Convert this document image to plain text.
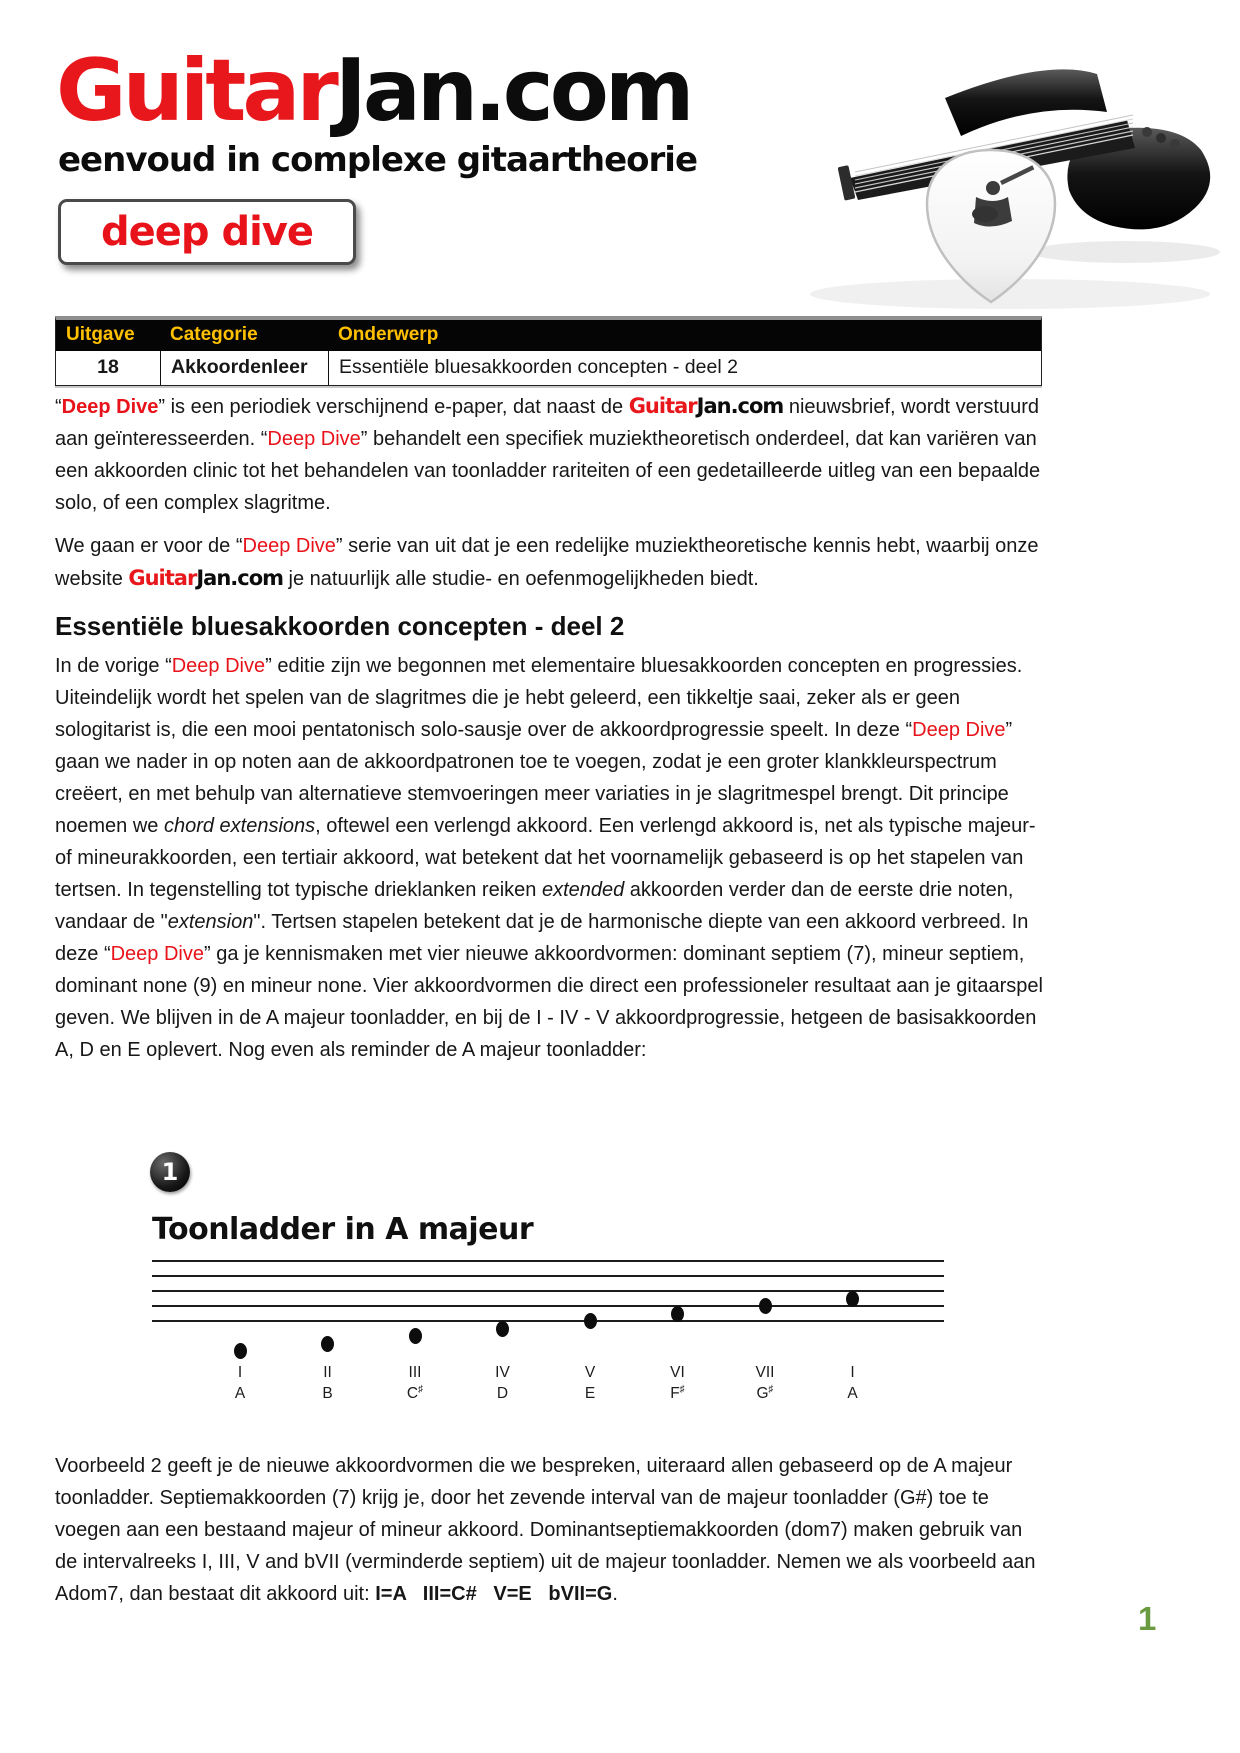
GuitarJan.com
eenvoud in complexe gitaartheorie
deep dive
Uitgave	Categorie	Onderwerp
18	Akkoordenleer	Essentiële bluesakkoorden concepten - deel 2
“Deep Dive” is een periodiek verschijnend e-paper, dat naast de GuitarJan.com nieuwsbrief, wordt verstuurd aan geïnteresseerden. “Deep Dive” behandelt een specifiek muziektheoretisch onderdeel, dat kan variëren van een akkoorden clinic tot het behandelen van toonladder rariteiten of een gedetailleerde uitleg van een bepaalde solo, of een complex slagritme.
We gaan er voor de “Deep Dive” serie van uit dat je een redelijke muziektheoretische kennis hebt, waarbij onze website GuitarJan.com je natuurlijk alle studie- en oefenmogelijkheden biedt.
Essentiële bluesakkoorden concepten - deel 2
In de vorige “Deep Dive” editie zijn we begonnen met elementaire bluesakkoorden concepten en progressies. Uiteindelijk wordt het spelen van de slagritmes die je hebt geleerd, een tikkeltje saai, zeker als er geen sologitarist is, die een mooi pentatonisch solo-sausje over de akkoordprogressie speelt. In deze “Deep Dive” gaan we nader in op noten aan de akkoordpatronen toe te voegen, zodat je een groter klankkleurspectrum creëert, en met behulp van alternatieve stemvoeringen meer variaties in je slagritmespel brengt. Dit principe noemen we chord extensions, oftewel een verlengd akkoord. Een verlengd akkoord is, net als typische majeur- of mineurakkoorden, een tertiair akkoord, wat betekent dat het voornamelijk gebaseerd is op het stapelen van tertsen. In tegenstelling tot typische drieklanken reiken extended akkoorden verder dan de eerste drie noten, vandaar de "extension". Tertsen stapelen betekent dat je de harmonische diepte van een akkoord verbreed. In deze “Deep Dive” ga je kennismaken met vier nieuwe akkoordvormen: dominant septiem (7), mineur septiem, dominant none (9) en mineur none. Vier akkoordvormen die direct een professioneler resultaat aan je gitaarspel geven. We blijven in de A majeur toonladder, en bij de I - IV - V akkoordprogressie, hetgeen de basisakkoorden A, D en E oplevert. Nog even als reminder de A majeur toonladder:
1
Toonladder in A majeur
I
A
II
B
III
C♯
IV
D
V
E
VI
F♯
VII
G♯
I
A
Voorbeeld 2 geeft je de nieuwe akkoordvormen die we bespreken, uiteraard allen gebaseerd op de A majeur toonladder. Septiemakkoorden (7) krijg je, door het zevende interval van de majeur toonladder (G#) toe te voegen aan een bestaand majeur of mineur akkoord. Dominantseptiemakkoorden (dom7) maken gebruik van de intervalreeks I, III, V and bVII (verminderde septiem) uit de majeur toonladder. Nemen we als voorbeeld aan Adom7, dan bestaat dit akkoord uit: I=A   III=C#   V=E   bVII=G.
1
